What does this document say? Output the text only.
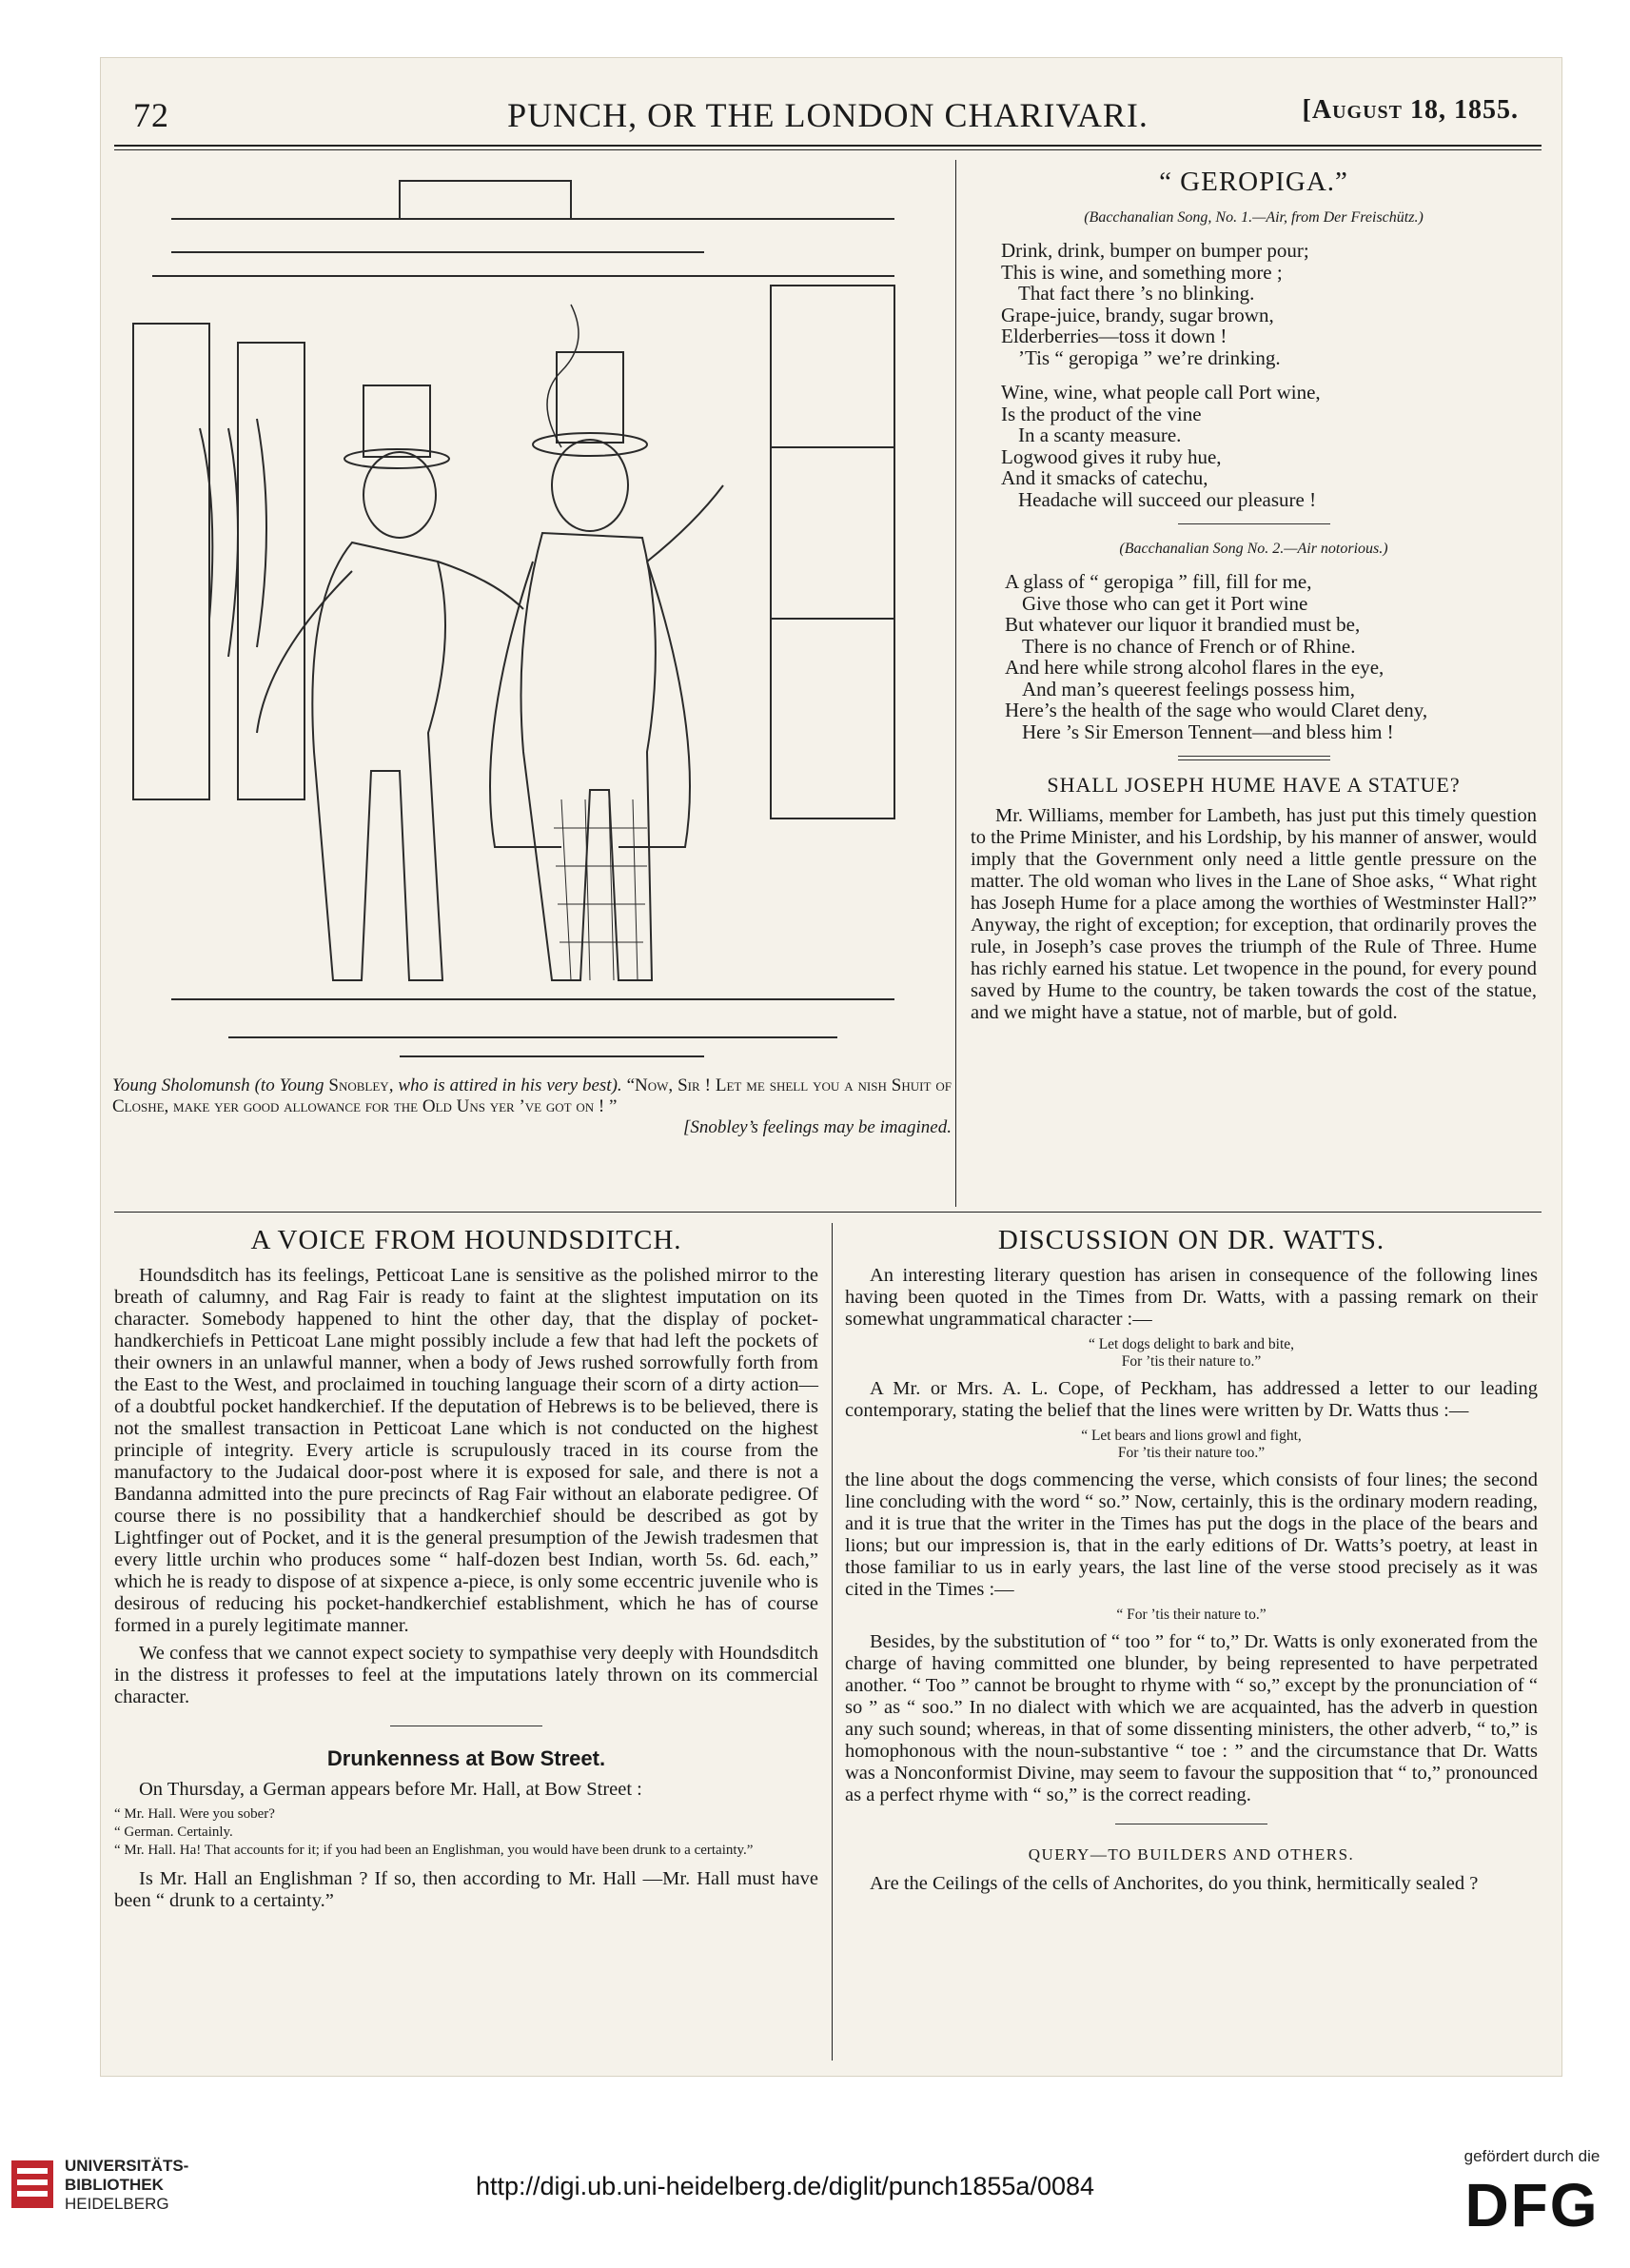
72	PUNCH, OR THE LONDON CHARIVARI.	[August 18, 1855.
Young Sholomunsh (to Young Snobley, who is attired in his very best). “Now, Sir ! Let me shell you a nish Shuit of Closhe, make yer good allowance for the Old Uns yer ’ve got on ! ”
[Snobley’s feelings may be imagined.
“ GEROPIGA.”
(Bacchanalian Song, No. 1.—Air, from Der Freischütz.)
Drink, drink, bumper on bumper pour;
This is wine, and something more ;
That fact there ’s no blinking.
Grape-juice, brandy, sugar brown,
Elderberries—toss it down !
’Tis “ geropiga ” we’re drinking.
Wine, wine, what people call Port wine,
Is the product of the vine
In a scanty measure.
Logwood gives it ruby hue,
And it smacks of catechu,
Headache will succeed our pleasure !
(Bacchanalian Song No. 2.—Air notorious.)
A glass of “ geropiga ” fill, fill for me,
Give those who can get it Port wine
But whatever our liquor it brandied must be,
There is no chance of French or of Rhine.
And here while strong alcohol flares in the eye,
And man’s queerest feelings possess him,
Here’s the health of the sage who would Claret deny,
Here ’s Sir Emerson Tennent—and bless him !
SHALL JOSEPH HUME HAVE A STATUE?

Mr. Williams, member for Lambeth, has just put this timely question to the Prime Minister, and his Lordship, by his manner of answer, would imply that the Government only need a little gentle pressure on the matter. The old woman who lives in the Lane of Shoe asks, “ What right has Joseph Hume for a place among the worthies of Westminster Hall?” Anyway, the right of exception; for exception, that ordinarily proves the rule, in Joseph’s case proves the triumph of the Rule of Three. Hume has richly earned his statue. Let twopence in the pound, for every pound saved by Hume to the country, be taken towards the cost of the statue, and we might have a statue, not of marble, but of gold.

A VOICE FROM HOUNDSDITCH.

Houndsditch has its feelings, Petticoat Lane is sensitive as the polished mirror to the breath of calumny, and Rag Fair is ready to faint at the slightest imputation on its character. Somebody happened to hint the other day, that the display of pocket-handkerchiefs in Petticoat Lane might possibly include a few that had left the pockets of their owners in an unlawful manner, when a body of Jews rushed sorrowfully forth from the East to the West, and proclaimed in touching language their scorn of a dirty action—of a doubtful pocket handkerchief. If the deputation of Hebrews is to be believed, there is not the smallest transaction in Petticoat Lane which is not conducted on the highest principle of integrity. Every article is scrupulously traced in its course from the manufactory to the Judaical door-post where it is exposed for sale, and there is not a Bandanna admitted into the pure precincts of Rag Fair without an elaborate pedigree. Of course there is no possibility that a handkerchief should be described as got by Lightfinger out of Pocket, and it is the general presumption of the Jewish tradesmen that every little urchin who produces some “ half-dozen best Indian, worth 5s. 6d. each,” which he is ready to dispose of at sixpence a-piece, is only some eccentric juvenile who is desirous of reducing his pocket-handkerchief establishment, which he has of course formed in a purely legitimate manner.

We confess that we cannot expect society to sympathise very deeply with Houndsditch in the distress it professes to feel at the imputations lately thrown on its commercial character.

Drunkenness at Bow Street.

On Thursday, a German appears before Mr. Hall, at Bow Street :

“ Mr. Hall. Were you sober?
“ German. Certainly.
“ Mr. Hall. Ha! That accounts for it; if you had been an Englishman, you would have been drunk to a certainty.”

Is Mr. Hall an Englishman ? If so, then according to Mr. Hall —Mr. Hall must have been “ drunk to a certainty.”

DISCUSSION ON DR. WATTS.

An interesting literary question has arisen in consequence of the following lines having been quoted in the Times from Dr. Watts, with a passing remark on their somewhat ungrammatical character :—

“ Let dogs delight to bark and bite,
For ’tis their nature to.”

A Mr. or Mrs. A. L. Cope, of Peckham, has addressed a letter to our leading contemporary, stating the belief that the lines were written by Dr. Watts thus :—

“ Let bears and lions growl and fight,
For ’tis their nature too.”

the line about the dogs commencing the verse, which consists of four lines; the second line concluding with the word “ so.” Now, certainly, this is the ordinary modern reading, and it is true that the writer in the Times has put the dogs in the place of the bears and lions; but our impression is, that in the early editions of Dr. Watts’s poetry, at least in those familiar to us in early years, the last line of the verse stood precisely as it was cited in the Times :—

“ For ’tis their nature to.”

Besides, by the substitution of “ too ” for “ to,” Dr. Watts is only exonerated from the charge of having committed one blunder, by being represented to have perpetrated another. “ Too ” cannot be brought to rhyme with “ so,” except by the pronunciation of “ so ” as “ soo.” In no dialect with which we are acquainted, has the adverb in question any such sound; whereas, in that of some dissenting ministers, the other adverb, “ to,” is homophonous with the noun-substantive “ toe : ” and the circumstance that Dr. Watts was a Nonconformist Divine, may seem to favour the supposition that “ to,” pronounced as a perfect rhyme with “ so,” is the correct reading.

QUERY—TO BUILDERS AND OTHERS.

Are the Ceilings of the cells of Anchorites, do you think, hermitically sealed ?

UNIVERSITÄTS-
BIBLIOTHEK
HEIDELBERG
http://digi.ub.uni-heidelberg.de/diglit/punch1855a/0084
gefördert durch die
DFG
